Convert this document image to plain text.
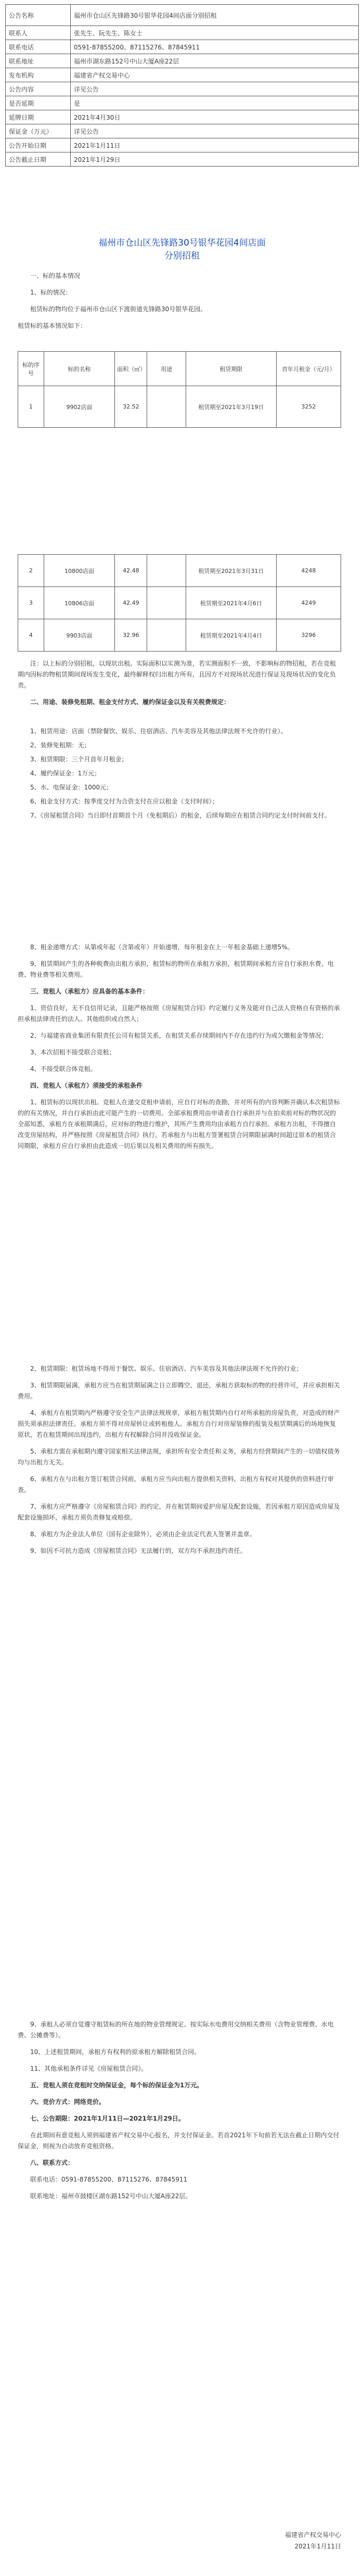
公告名称	福州市仓山区先锋路30号银华花园4间店面分别招租
联系人	张先生、阮先生、陈女士
联系电话	0591-87855200、87115276、87845911
联系地址	福州市湖东路152号中山大厦A座22层
发布机构	福建省产权交易中心
公告内容	详见公告
是否延期	是
延牌日期	2021年4月30日
保证金（万元）	详见公告
公告开始日期	2021年1月11日
公告截止日期	2021年1月29日
福州市仓山区先锋路30号银华花园4间店面
分别招租

一、标的基本情况

1、标的情况：

租赁标的物均位于福州市仓山区下渡街道先锋路30号银华花园。

租赁标的基本情况如下：

标的序号	标的名称	面积（㎡）	用途	租赁期限	首年月租金（元/月）
1	9902店面	32.52		租赁期至2021年3月19日	3252
2	10800店面	42.48		租赁期至2021年3月31日	4248
3	10806店面	42.49		租赁期至2021年4月6日	4249
4	9903店面	32.96		租赁期至2021年4月4日	3296

注：以上标的分别招租，以现状出租。实际面积以实测为准，若实测面积不一致，不影响标的物招租，若在竞租期内因标的物租赁期间现场发生变化，最终解释权归出租方所有，且因方不对现场状况进行保证及现场状况的变化负责。

二、用途、装修免租期、租金支付方式、履约保证金以及有关税费规定：

1、租赁用途：店面（禁除餐饮、娱乐、住宿酒店、汽车美容及其他法律法规不允许的行业）。

2、装修免租期：无；

3、租赁期限：三个月首年月租金；

4、履约保证金：1万元；

5、水、电保证金：1000元；

6、租金支付方式：按季度交付为合资支付在应以租金（支付时间）；

7、《房屋租赁合同》当日即付首期首个月（免租期后）的租金，后续每期应在租赁合同约定支付时间前支付。

8、租金递增方式：从第或年起（含第或年）开始递增，每年租金在上一年租金基础上递增5%。

9、租赁期间产生的各种税费由出租方承担，租赁标的物所在承租方承担，租赁期间承租方应自行承担水费、电费、物业费等相关费用。

三、竞租人（承租方）应具备的基本条件：

1、资信良好，无不良信用记录，且能严格按照《房屋租赁合同》约定履行义务及能对自己法人资格自有资格的承担承租法律责任的法人、其他组织或自然人；

2、与福建省商业集团有限责任公司有租赁关系，在租赁关系存续期间内不存在违约行为或欠缴租金等情况；

3、本次招租不接受联合竞租；

4、不接受联合体竞租。

四、竞租人（承租方）须接受的承租条件

1、租赁标的以现状出租。竞租人在递交竞租申请前，应自行对标的查勘，并对所有的内容判断并确认本次租赁标的的有关情况，并自行承担由此可能产生的一切费用。全部承租费用由申请者自行承担并与在拍卖前对标的物状况的全部知悉，承租方在承租期满后，应对标的物进行维护，其所产生费用均由承租方自行承担。承租方出租，不得擅自改变房屋结构，并严格按照《房屋租赁合同》执行。若承租方与出租方签署租赁合同期限届满时间超过原本的租赁合同期限，承租方应自行承担由此造成一切后果以及相关费用的所有损失。

2、租赁期限：租赁场地不得用于餐饮、娱乐、住宿酒店、汽车美容及其他法律法规不允许的行业；

3、租赁期限届满，承租方应当在租赁期届满之日立即腾空、退还，承租方获取标的物的经营许可，并应承担相关费用。

4、承租方在租赁期内严格遵守安全生产法律法规规章，承租方租赁期内自行对所承租的房屋负责，对造成的财产损失须承担法律责任。承租方须不得对房屋转让或转租他人。承租方自行对房屋装修的报装及租赁期满后的场地恢复原状，若在租赁期间出现违约，出租方有权解除合同并没收保证金。

5、承租方需在承租期内遵守国家相关法律法规，承担所有安全责任和义务，承租方经营期间产生的一切债权债务均与出租方无关。

6、承租方在与出租方签订租赁合同前，承租方应当向出租方提供相关资料，出租方有权对其提供的资料进行审查。

7、承租方应严格遵守《房屋租赁合同》的约定，并在租赁期间爱护房屋及配套设施，若因承租方原因造成房屋及配套设施损坏，承租方须负责修复或赔偿。

8、承租方为企业法人单位（国有企业除外），必须由企业法定代表人签署并盖章。

9、如因不可抗力造成《房屋租赁合同》无法履行的，双方均不承担违约责任。

9、承租人必须自觉遵守租赁标的所在地的物业管理规定。按实际水电费用交纳相关费用（含物业管理费、水电费、公摊费等）。

10、上述租赁期间，承租方有权利的原承租方解除租赁合同。

11、其他承租条件详见《房屋租赁合同》。

五、竞租人须在竞租时交纳保证金，每个标的保证金为1万元。

六、竞价方式：网络竞价。

七、公告期限：2021年1月11日—2021年1月29日。

在此期间有意竞租人须到福建省产权交易中心报名，并支付保证金。若首2021年下旬前若无法在截止日期内交付保证金，则视为自动放弃竞租资格。

八、联系方式：

联系电话：0591-87855200、87115276、87845911

联系地址：福州市鼓楼区湖东路152号中山大厦A座22层。

福建省产权交易中心
2021年1月11日
